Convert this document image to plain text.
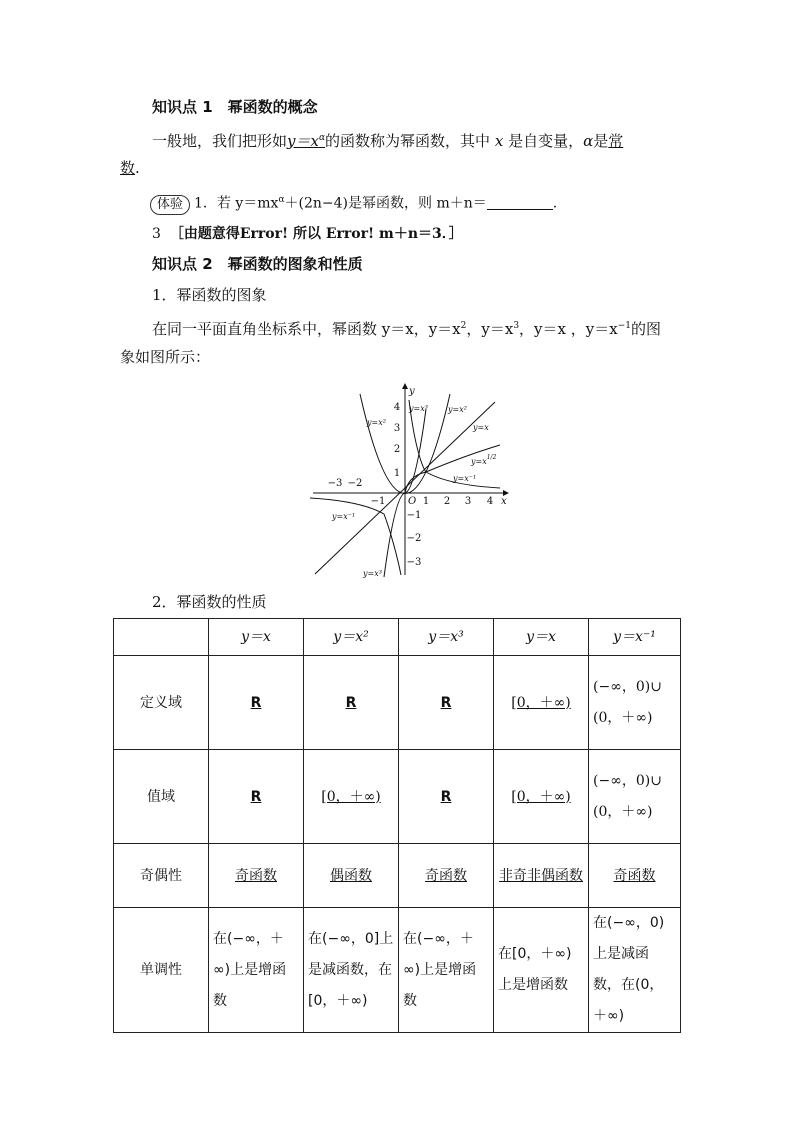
知识点 1　幂函数的概念
一般地，我们把形如$y=x^\alpha$的函数称为幂函数，其中 x 是自变量，α是常
数.
体验 1．若 $y=mx^\alpha+(2n-4)$是幂函数，则 m＋n＝	.
3 ［由题意得Error! 所以 Error! m＋n＝3．］
知识点 2　幂函数的图象和性质
1．幂函数的图象
在同一平面直角坐标系中，幂函数 y＝x，$y=x^2$，$y=x^3$，y＝x ，$y=x^{-1}$的图
象如图所示：
−3 −2
−1	1 2 3 4
4
3
2
1
−1
−2
−3
O	x
y
y=x³	y=x²
y=x²
y=x
$y=x^{1/2}$
y=x⁻¹
y=x⁻¹
y=x³
2．幂函数的性质
	y＝x	y＝x²	y＝x³	y＝x	y＝x⁻¹
定义域	R	R	R	[0，＋∞)	(−∞，0)∪(0，＋∞)
值域	R	[0，＋∞)	R	[0，＋∞)	(−∞，0)∪(0，＋∞)
奇偶性	奇函数	偶函数	奇函数	非奇非偶函数	奇函数
单调性	在(−∞，＋∞)上是增函数	在(−∞，0]上是减函数，在[0，＋∞)	在(−∞，＋∞)上是增函数	在[0，＋∞)上是增函数	在(−∞，0)上是减函数，在(0，＋∞)
